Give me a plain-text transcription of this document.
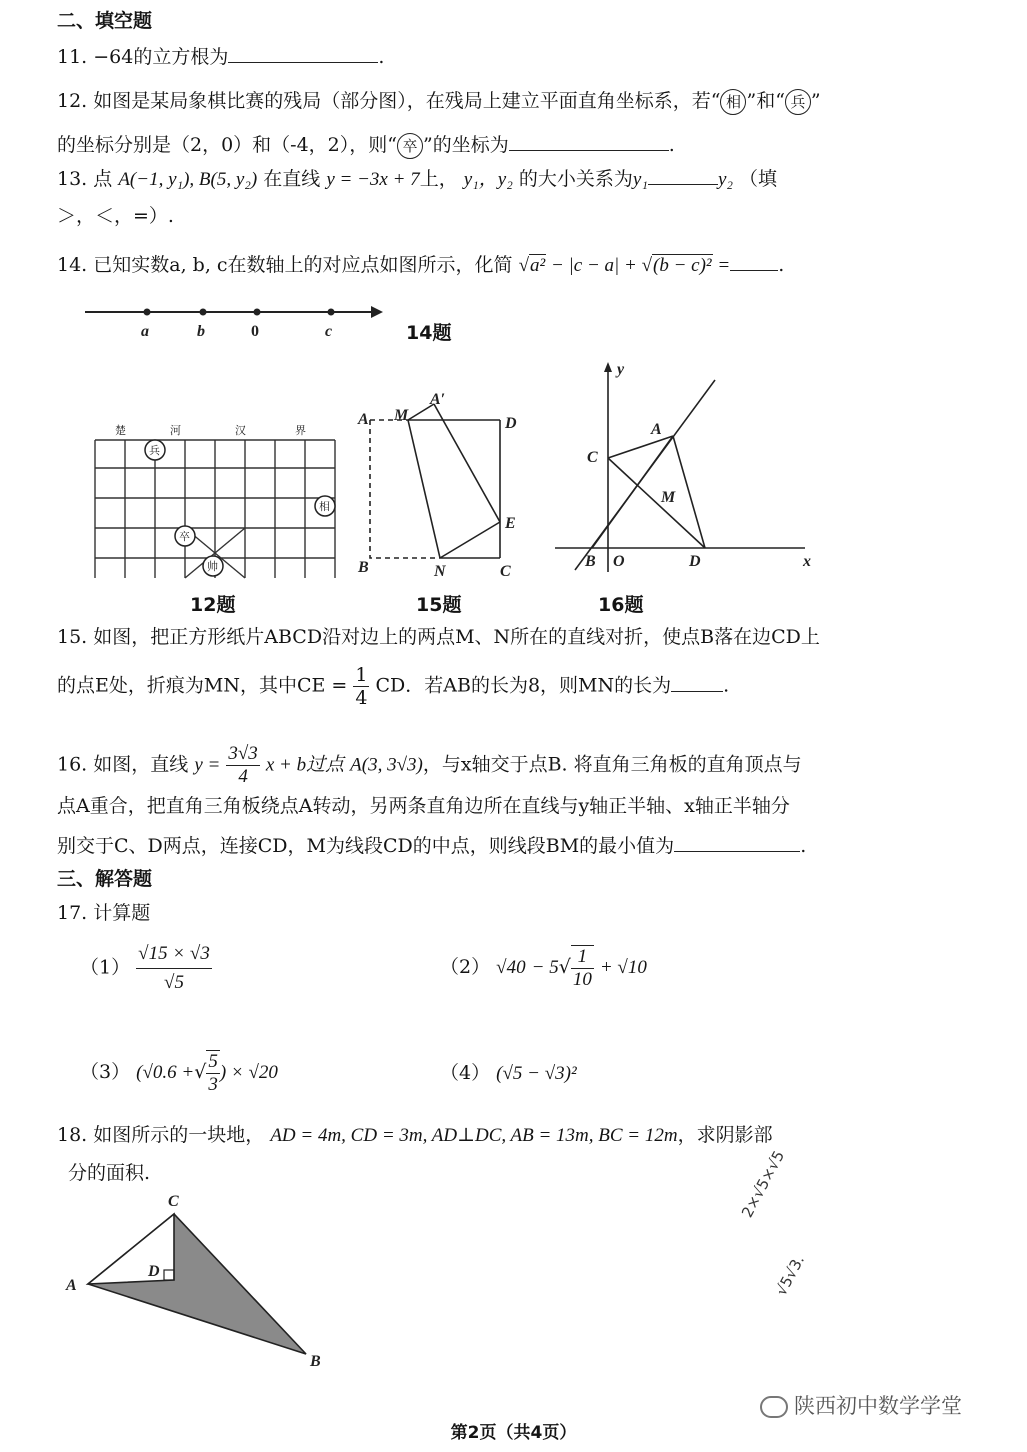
二、填空题
11. −64的立方根为	.
12. 如图是某局象棋比赛的残局（部分图），在残局上建立平面直角坐标系，若“ 相 ”和“ 兵 ”
的坐标分别是（2，0）和（-4，2），则“ 卒 ”的坐标为	.
13. 点 A(−1, y₁), B(5, y₂) 在直线 y = −3x + 7上， y₁，y₂ 的大小关系为y₁	y₂ （填
＞，＜，=）.
14. 已知实数a, b, c在数轴上的对应点如图所示，化简 √a² − |c − a| + √(b − c)² =	.
a	b	0	c	14题
楚	河	汉	界
兵
相
卒
帅
12题
A M
A′
D
E
B	N	C
15题
y
C
A
M
B O	D	x
16题
15. 如图，把正方形纸片ABCD沿对边上的两点M、N所在的直线对折，使点B落在边CD上
的点E处，折痕为MN，其中CE = $\frac{1}{4}$ CD．若AB的长为8，则MN的长为	.
16. 如图，直线 $y = \frac{3√3}{4}$ x + b过点 A(3, 3√3)，与x轴交于点B. 将直角三角板的直角顶点与
点A重合，把直角三角板绕点A转动，另两条直角边所在直线与y轴正半轴、x轴正半轴分
别交于C、D两点，连接CD，M为线段CD的中点，则线段BM的最小值为	.
三、解答题
17. 计算题
$(1) \frac{√15 \times √3}{√5}$	（2） $√40 - 5√ \frac{1}{10} + √10$
（3） (√0.6 +√ $\frac{5}{3}$ ) × √20	（4） (√5 − √3)²
18. 如图所示的一块地， AD = 4m, CD = 3m, AD⊥DC, AB = 13m, BC = 12m，求阴影部
分的面积.
A
B
C
D
2×√5×√5
√5√3.
陕西初中数学学堂
第2页（共4页）
